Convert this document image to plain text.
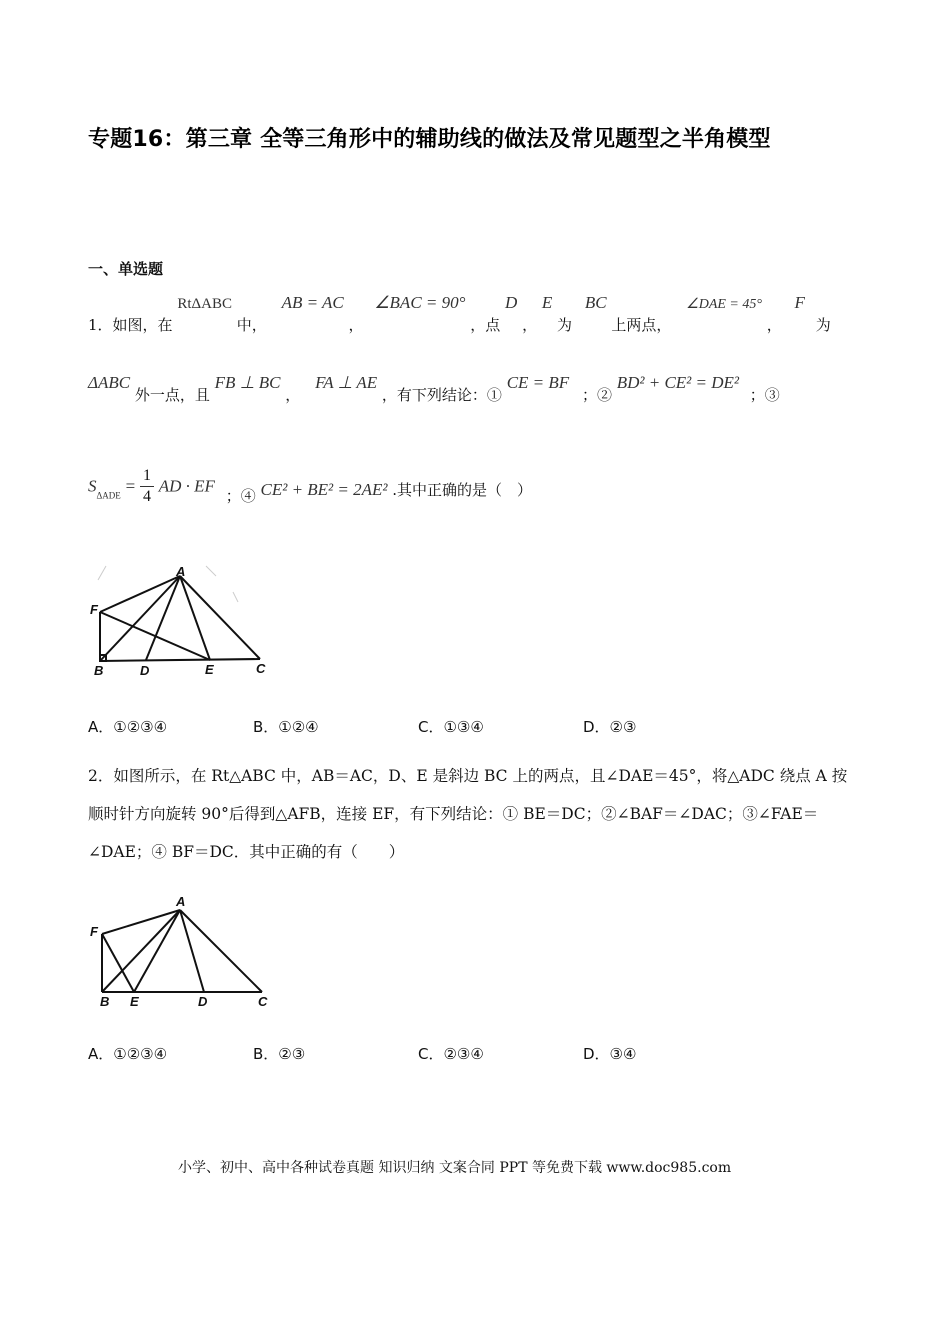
专题16：第三章 全等三角形中的辅助线的做法及常见题型之半角模型
一、单选题
1．如图，在 RtΔABC 中， AB = AC ， ∠BAC = 90° ，点 D ， E 为 BC 上两点， ∠DAE = 45° ， F 为
ΔABC 外一点，且 FB ⊥ BC ， FA ⊥ AE ，有下列结论：① CE = BF ；② BD² + CE² = DE² ；③
$S_{\Delta ADE} = \frac{1}{4}$ AD · EF ；④ CE² + BE² = 2AE² .其中正确的是（　）
A
F
B	D	E	C
A．①②③④	B．①②④	C．①③④	D．②③
2．如图所示，在 Rt△ABC 中，AB＝AC，D、E 是斜边 BC 上的两点，且∠DAE＝45°，将△ADC 绕点 A 按
顺时针方向旋转 90°后得到△AFB，连接 EF，有下列结论：① BE＝DC；②∠BAF＝∠DAC；③∠FAE＝
∠DAE；④ BF＝DC．其中正确的有（　　）
A
F
B E	D	C
A．①②③④	B．②③	C．②③④	D．③④
小学、初中、高中各种试卷真题 知识归纳 文案合同 PPT 等免费下载 www.doc985.com
